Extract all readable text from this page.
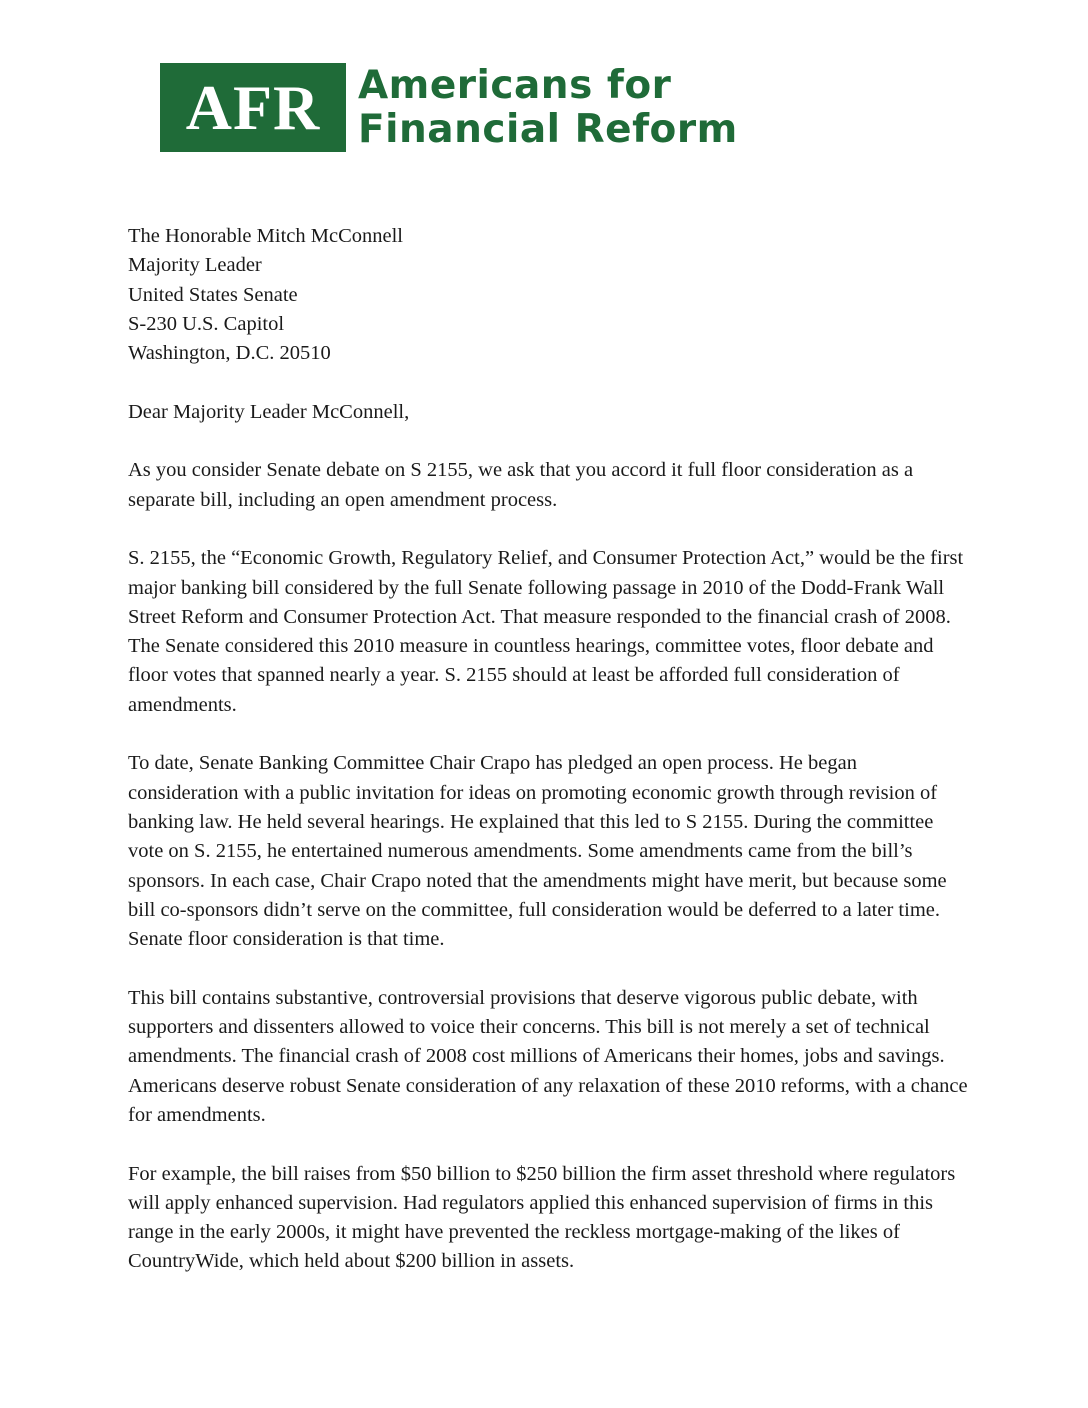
AFR Americans for
Financial Reform
The Honorable Mitch McConnell
Majority Leader
United States Senate
S-230 U.S. Capitol
Washington, D.C. 20510

Dear Majority Leader McConnell,

As you consider Senate debate on S 2155, we ask that you accord it full floor consideration as a separate bill, including an open amendment process.

S. 2155, the “Economic Growth, Regulatory Relief, and Consumer Protection Act,” would be the first major banking bill considered by the full Senate following passage in 2010 of the Dodd-Frank Wall Street Reform and Consumer Protection Act. That measure responded to the financial crash of 2008. The Senate considered this 2010 measure in countless hearings, committee votes, floor debate and floor votes that spanned nearly a year. S. 2155 should at least be afforded full consideration of amendments.

To date, Senate Banking Committee Chair Crapo has pledged an open process. He began consideration with a public invitation for ideas on promoting economic growth through revision of banking law. He held several hearings. He explained that this led to S 2155. During the committee vote on S. 2155, he entertained numerous amendments. Some amendments came from the bill’s sponsors. In each case, Chair Crapo noted that the amendments might have merit, but because some bill co-sponsors didn’t serve on the committee, full consideration would be deferred to a later time. Senate floor consideration is that time.

This bill contains substantive, controversial provisions that deserve vigorous public debate, with supporters and dissenters allowed to voice their concerns. This bill is not merely a set of technical amendments. The financial crash of 2008 cost millions of Americans their homes, jobs and savings. Americans deserve robust Senate consideration of any relaxation of these 2010 reforms, with a chance for amendments.

For example, the bill raises from $50 billion to $250 billion the firm asset threshold where regulators will apply enhanced supervision. Had regulators applied this enhanced supervision of firms in this range in the early 2000s, it might have prevented the reckless mortgage-making of the likes of CountryWide, which held about $200 billion in assets.
